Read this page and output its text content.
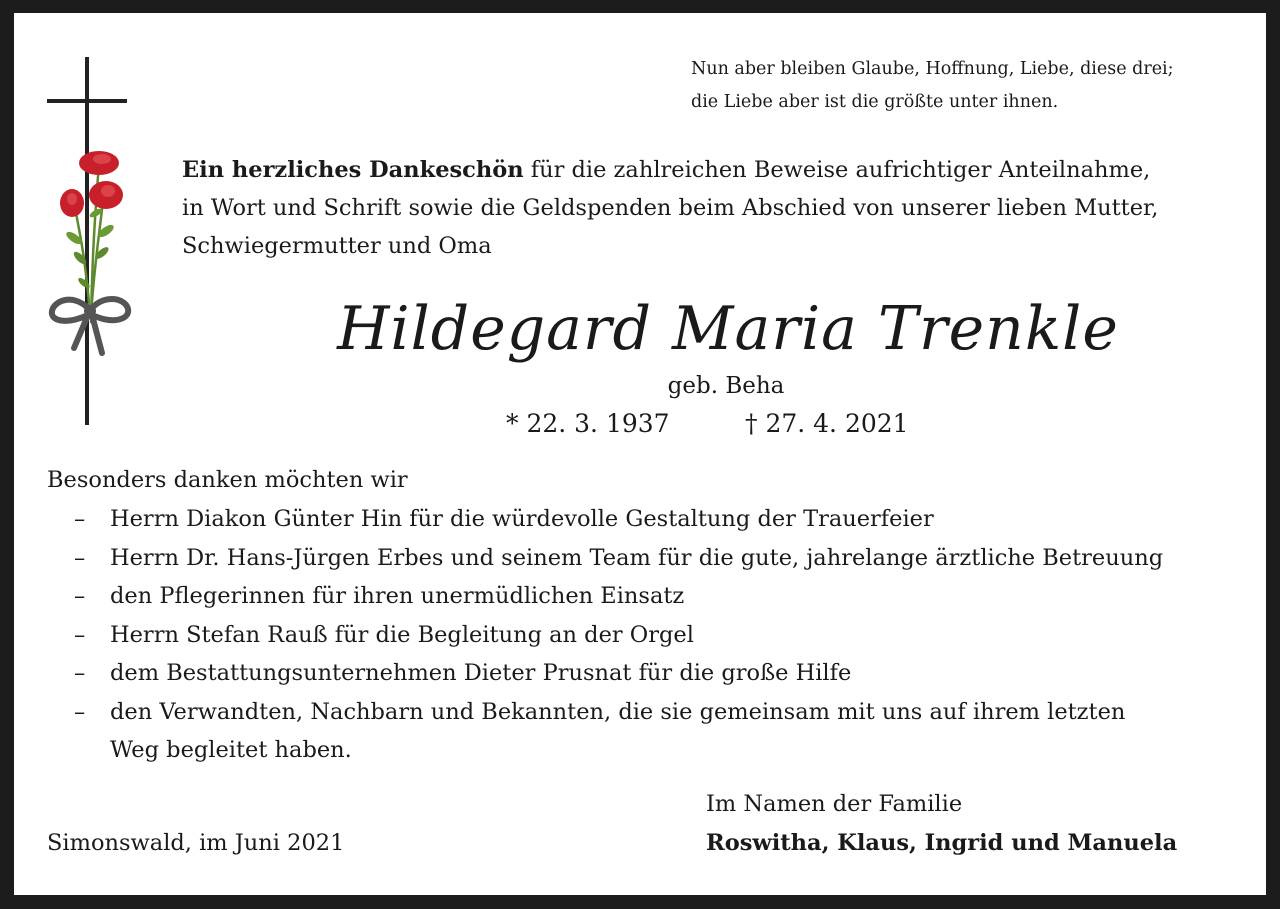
Nun aber bleiben Glaube, Hoffnung, Liebe, diese drei;
die Liebe aber ist die größte unter ihnen.
Ein herzliches Dankeschön für die zahlreichen Beweise aufrichtiger Anteilnahme,
in Wort und Schrift sowie die Geldspenden beim Abschied von unserer lieben Mutter,
Schwiegermutter und Oma
Hildegard Maria Trenkle
geb. Beha
* 22. 3. 1937	† 27. 4. 2021
Besonders danken möchten wir
– Herrn Diakon Günter Hin für die würdevolle Gestaltung der Trauerfeier
– Herrn Dr. Hans-Jürgen Erbes und seinem Team für die gute, jahrelange ärztliche Betreuung
– den Pflegerinnen für ihren unermüdlichen Einsatz
– Herrn Stefan Rauß für die Begleitung an der Orgel
– dem Bestattungsunternehmen Dieter Prusnat für die große Hilfe
– den Verwandten, Nachbarn und Bekannten, die sie gemeinsam mit uns auf ihrem letzten
Weg begleitet haben.
Im Namen der Familie
Roswitha, Klaus, Ingrid und Manuela
Simonswald, im Juni 2021
